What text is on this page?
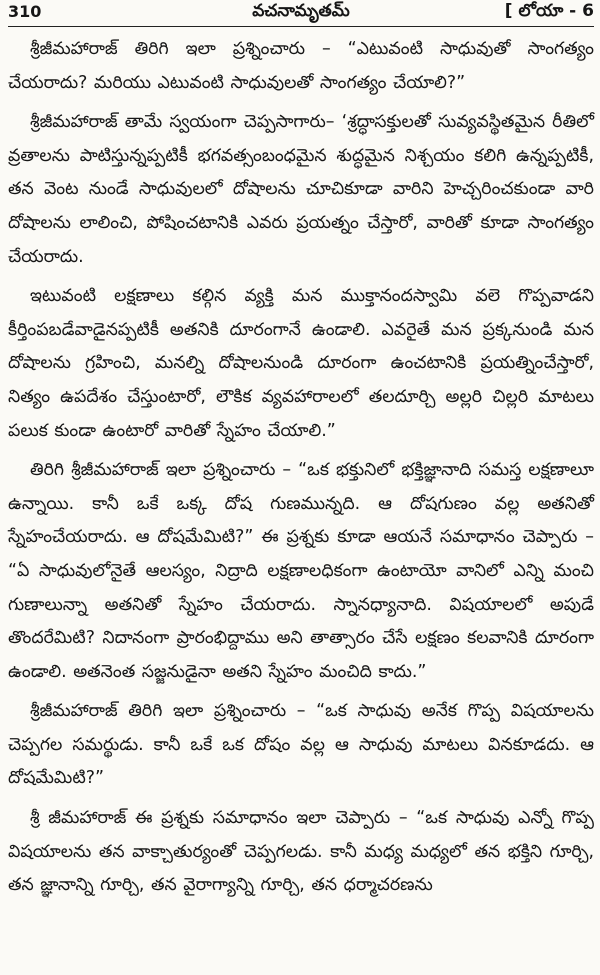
310	వచనామృతమ్	[ లోయా - 6

శ్రీజీమహారాజ్ తిరిగి ఇలా ప్రశ్నించారు – “ఎటువంటి సాధువుతో సాంగత్యం చేయరాదు? మరియు ఎటువంటి సాధువులతో సాంగత్యం చేయాలి?”

శ్రీజీమహారాజ్ తామే స్వయంగా చెప్పసాగారు– ‘శ్రద్ధాసక్తులతో సువ్యవస్థితమైన రీతిలో వ్రతాలను పాటిస్తున్నప్పటికీ భగవత్సంబంధమైన శుద్ధమైన నిశ్చయం కలిగి ఉన్నప్పటికీ, తన వెంట నుండే సాధువులలో దోషాలను చూచికూడా వారిని హెచ్చరించకుండా వారి దోషాలను లాలించి, పోషించటానికి ఎవరు ప్రయత్నం చేస్తారో, వారితో కూడా సాంగత్యం చేయరాదు.

ఇటువంటి లక్షణాలు కల్గిన వ్యక్తి మన ముక్తానందస్వామి వలె గొప్పవాడని కీర్తింపబడేవాడైనప్పటికీ అతనికి దూరంగానే ఉండాలి. ఎవరైతే మన ప్రక్కనుండి మన దోషాలను గ్రహించి, మనల్ని దోషాలనుండి దూరంగా ఉంచటానికి ప్రయత్నించేస్తారో, నిత్యం ఉపదేశం చేస్తుంటారో, లౌకిక వ్యవహారాలలో తలదూర్చి అల్లరి చిల్లరి మాటలు పలుక కుండా ఉంటారో వారితో స్నేహం చేయాలి.”

తిరిగి శ్రీజీమహారాజ్ ఇలా ప్రశ్నించారు – “ఒక భక్తునిలో భక్తిజ్ఞానాది సమస్త లక్షణాలూ ఉన్నాయి. కానీ ఒకే ఒక్క దోష గుణమున్నది. ఆ దోషగుణం వల్ల అతనితో స్నేహంచేయరాదు. ఆ దోషమేమిటి?” ఈ ప్రశ్నకు కూడా ఆయనే సమాధానం చెప్పారు – “ఏ సాధువులోనైతే ఆలస్యం, నిద్రాది లక్షణాలధికంగా ఉంటాయో వానిలో ఎన్ని మంచి గుణాలున్నా అతనితో స్నేహం చేయరాదు. స్నానధ్యానాది. విషయాలలో అపుడే తొందరేమిటి? నిదానంగా ప్రారంభిద్దాము అని తాత్సారం చేసే లక్షణం కలవానికి దూరంగా ఉండాలి. అతనెంత సజ్జనుడైనా అతని స్నేహం మంచిది కాదు.”

శ్రీజీమహారాజ్ తిరిగి ఇలా ప్రశ్నించారు – “ఒక సాధువు అనేక గొప్ప విషయాలను చెప్పగల సమర్థుడు. కానీ ఒకే ఒక దోషం వల్ల ఆ సాధువు మాటలు వినకూడదు. ఆ దోషమేమిటి?”

శ్రీ జీమహారాజ్ ఈ ప్రశ్నకు సమాధానం ఇలా చెప్పారు – “ఒక సాధువు ఎన్నో గొప్ప విషయాలను తన వాక్చాతుర్యంతో చెప్పగలడు. కానీ మధ్య మధ్యలో తన భక్తిని గూర్చి, తన జ్ఞానాన్ని గూర్చి, తన వైరాగ్యాన్ని గూర్చి, తన ధర్మాచరణను
